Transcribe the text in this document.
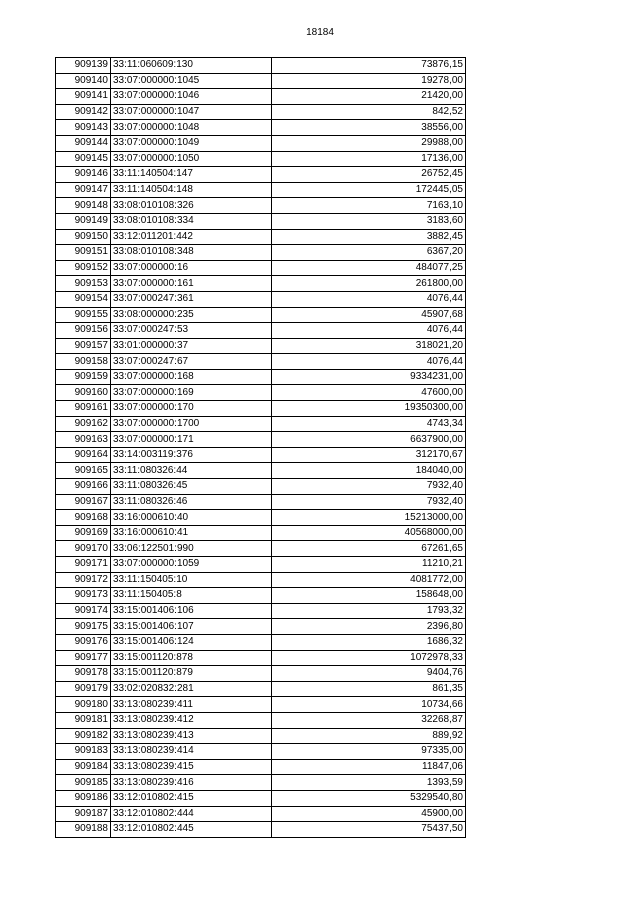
18184
909139	33:11:060609:130	73876,15
909140	33:07:000000:1045	19278,00
909141	33:07:000000:1046	21420,00
909142	33:07:000000:1047	842,52
909143	33:07:000000:1048	38556,00
909144	33:07:000000:1049	29988,00
909145	33:07:000000:1050	17136,00
909146	33:11:140504:147	26752,45
909147	33:11:140504:148	172445,05
909148	33:08:010108:326	7163,10
909149	33:08:010108:334	3183,60
909150	33:12:011201:442	3882,45
909151	33:08:010108:348	6367,20
909152	33:07:000000:16	484077,25
909153	33:07:000000:161	261800,00
909154	33:07:000247:361	4076,44
909155	33:08:000000:235	45907,68
909156	33:07:000247:53	4076,44
909157	33:01:000000:37	318021,20
909158	33:07:000247:67	4076,44
909159	33:07:000000:168	9334231,00
909160	33:07:000000:169	47600,00
909161	33:07:000000:170	19350300,00
909162	33:07:000000:1700	4743,34
909163	33:07:000000:171	6637900,00
909164	33:14:003119:376	312170,67
909165	33:11:080326:44	184040,00
909166	33:11:080326:45	7932,40
909167	33:11:080326:46	7932,40
909168	33:16:000610:40	15213000,00
909169	33:16:000610:41	40568000,00
909170	33:06:122501:990	67261,65
909171	33:07:000000:1059	11210,21
909172	33:11:150405:10	4081772,00
909173	33:11:150405:8	158648,00
909174	33:15:001406:106	1793,32
909175	33:15:001406:107	2396,80
909176	33:15:001406:124	1686,32
909177	33:15:001120:878	1072978,33
909178	33:15:001120:879	9404,76
909179	33:02:020832:281	861,35
909180	33:13:080239:411	10734,66
909181	33:13:080239:412	32268,87
909182	33:13:080239:413	889,92
909183	33:13:080239:414	97335,00
909184	33:13:080239:415	11847,06
909185	33:13:080239:416	1393,59
909186	33:12:010802:415	5329540,80
909187	33:12:010802:444	45900,00
909188	33:12:010802:445	75437,50
